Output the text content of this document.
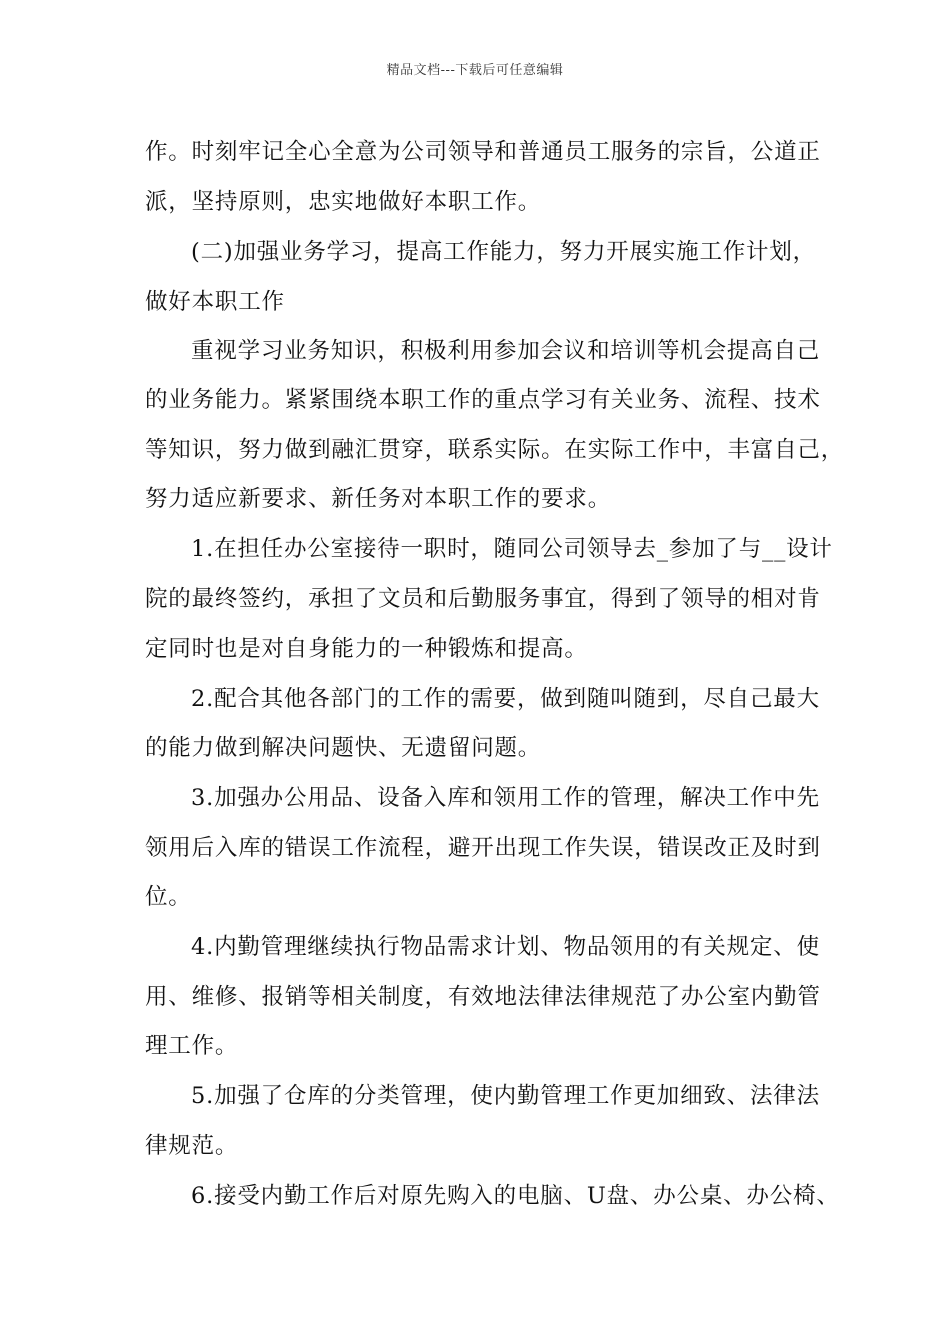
精品文档---下载后可任意编辑
作。时刻牢记全心全意为公司领导和普通员工服务的宗旨，公道正
派，坚持原则，忠实地做好本职工作。
(二)加强业务学习，提高工作能力，努力开展实施工作计划，
做好本职工作
重视学习业务知识，积极利用参加会议和培训等机会提高自己
的业务能力。紧紧围绕本职工作的重点学习有关业务、流程、技术
等知识，努力做到融汇贯穿，联系实际。在实际工作中，丰富自己，
努力适应新要求、新任务对本职工作的要求。
1.在担任办公室接待一职时，随同公司领导去_参加了与__设计
院的最终签约，承担了文员和后勤服务事宜，得到了领导的相对肯
定同时也是对自身能力的一种锻炼和提高。
2.配合其他各部门的工作的需要，做到随叫随到，尽自己最大
的能力做到解决问题快、无遗留问题。
3.加强办公用品、设备入库和领用工作的管理，解决工作中先
领用后入库的错误工作流程，避开出现工作失误，错误改正及时到
位。
4.内勤管理继续执行物品需求计划、物品领用的有关规定、使
用、维修、报销等相关制度，有效地法律法律规范了办公室内勤管
理工作。
5.加强了仓库的分类管理，使内勤管理工作更加细致、法律法
律规范。
6.接受内勤工作后对原先购入的电脑、U盘、办公桌、办公椅、
